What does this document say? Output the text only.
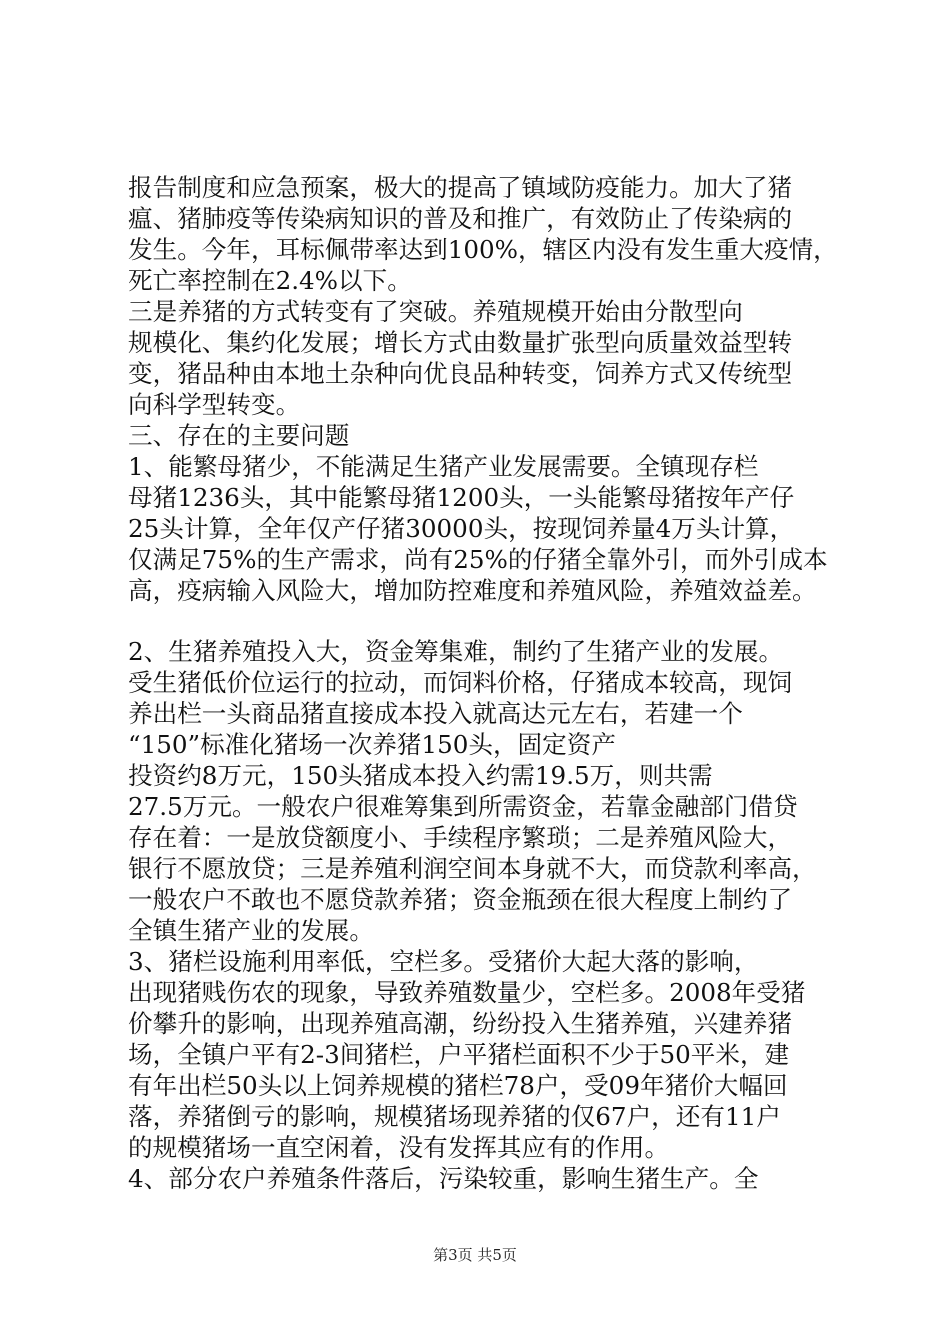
报告制度和应急预案，极大的提高了镇域防疫能力。加大了猪
瘟、猪肺疫等传染病知识的普及和推广，有效防止了传染病的
发生。今年，耳标佩带率达到100%，辖区内没有发生重大疫情，
死亡率控制在2.4%以下。
三是养猪的方式转变有了突破。养殖规模开始由分散型向
规模化、集约化发展；增长方式由数量扩张型向质量效益型转
变，猪品种由本地土杂种向优良品种转变，饲养方式又传统型
向科学型转变。
三、存在的主要问题
1、能繁母猪少，不能满足生猪产业发展需要。全镇现存栏
母猪1236头，其中能繁母猪1200头，一头能繁母猪按年产仔
25头计算，全年仅产仔猪30000头，按现饲养量4万头计算，
仅满足75%的生产需求，尚有25%的仔猪全靠外引，而外引成本
高，疫病输入风险大，增加防控难度和养殖风险，养殖效益差。
2、生猪养殖投入大，资金筹集难，制约了生猪产业的发展。
受生猪低价位运行的拉动，而饲料价格，仔猪成本较高，现饲
养出栏一头商品猪直接成本投入就高达元左右，若建一个
“150”标准化猪场一次养猪150头，固定资产
投资约8万元，150头猪成本投入约需19.5万，则共需
27.5万元。一般农户很难筹集到所需资金，若靠金融部门借贷
存在着：一是放贷额度小、手续程序繁琐；二是养殖风险大，
银行不愿放贷；三是养殖利润空间本身就不大，而贷款利率高，
一般农户不敢也不愿贷款养猪；资金瓶颈在很大程度上制约了
全镇生猪产业的发展。
3、猪栏设施利用率低，空栏多。受猪价大起大落的影响，
出现猪贱伤农的现象，导致养殖数量少，空栏多。2008年受猪
价攀升的影响，出现养殖高潮，纷纷投入生猪养殖，兴建养猪
场，全镇户平有2-3间猪栏，户平猪栏面积不少于50平米，建
有年出栏50头以上饲养规模的猪栏78户，受09年猪价大幅回
落，养猪倒亏的影响，规模猪场现养猪的仅67户，还有11户
的规模猪场一直空闲着，没有发挥其应有的作用。
4、部分农户养殖条件落后，污染较重，影响生猪生产。全
第3页 共5页
